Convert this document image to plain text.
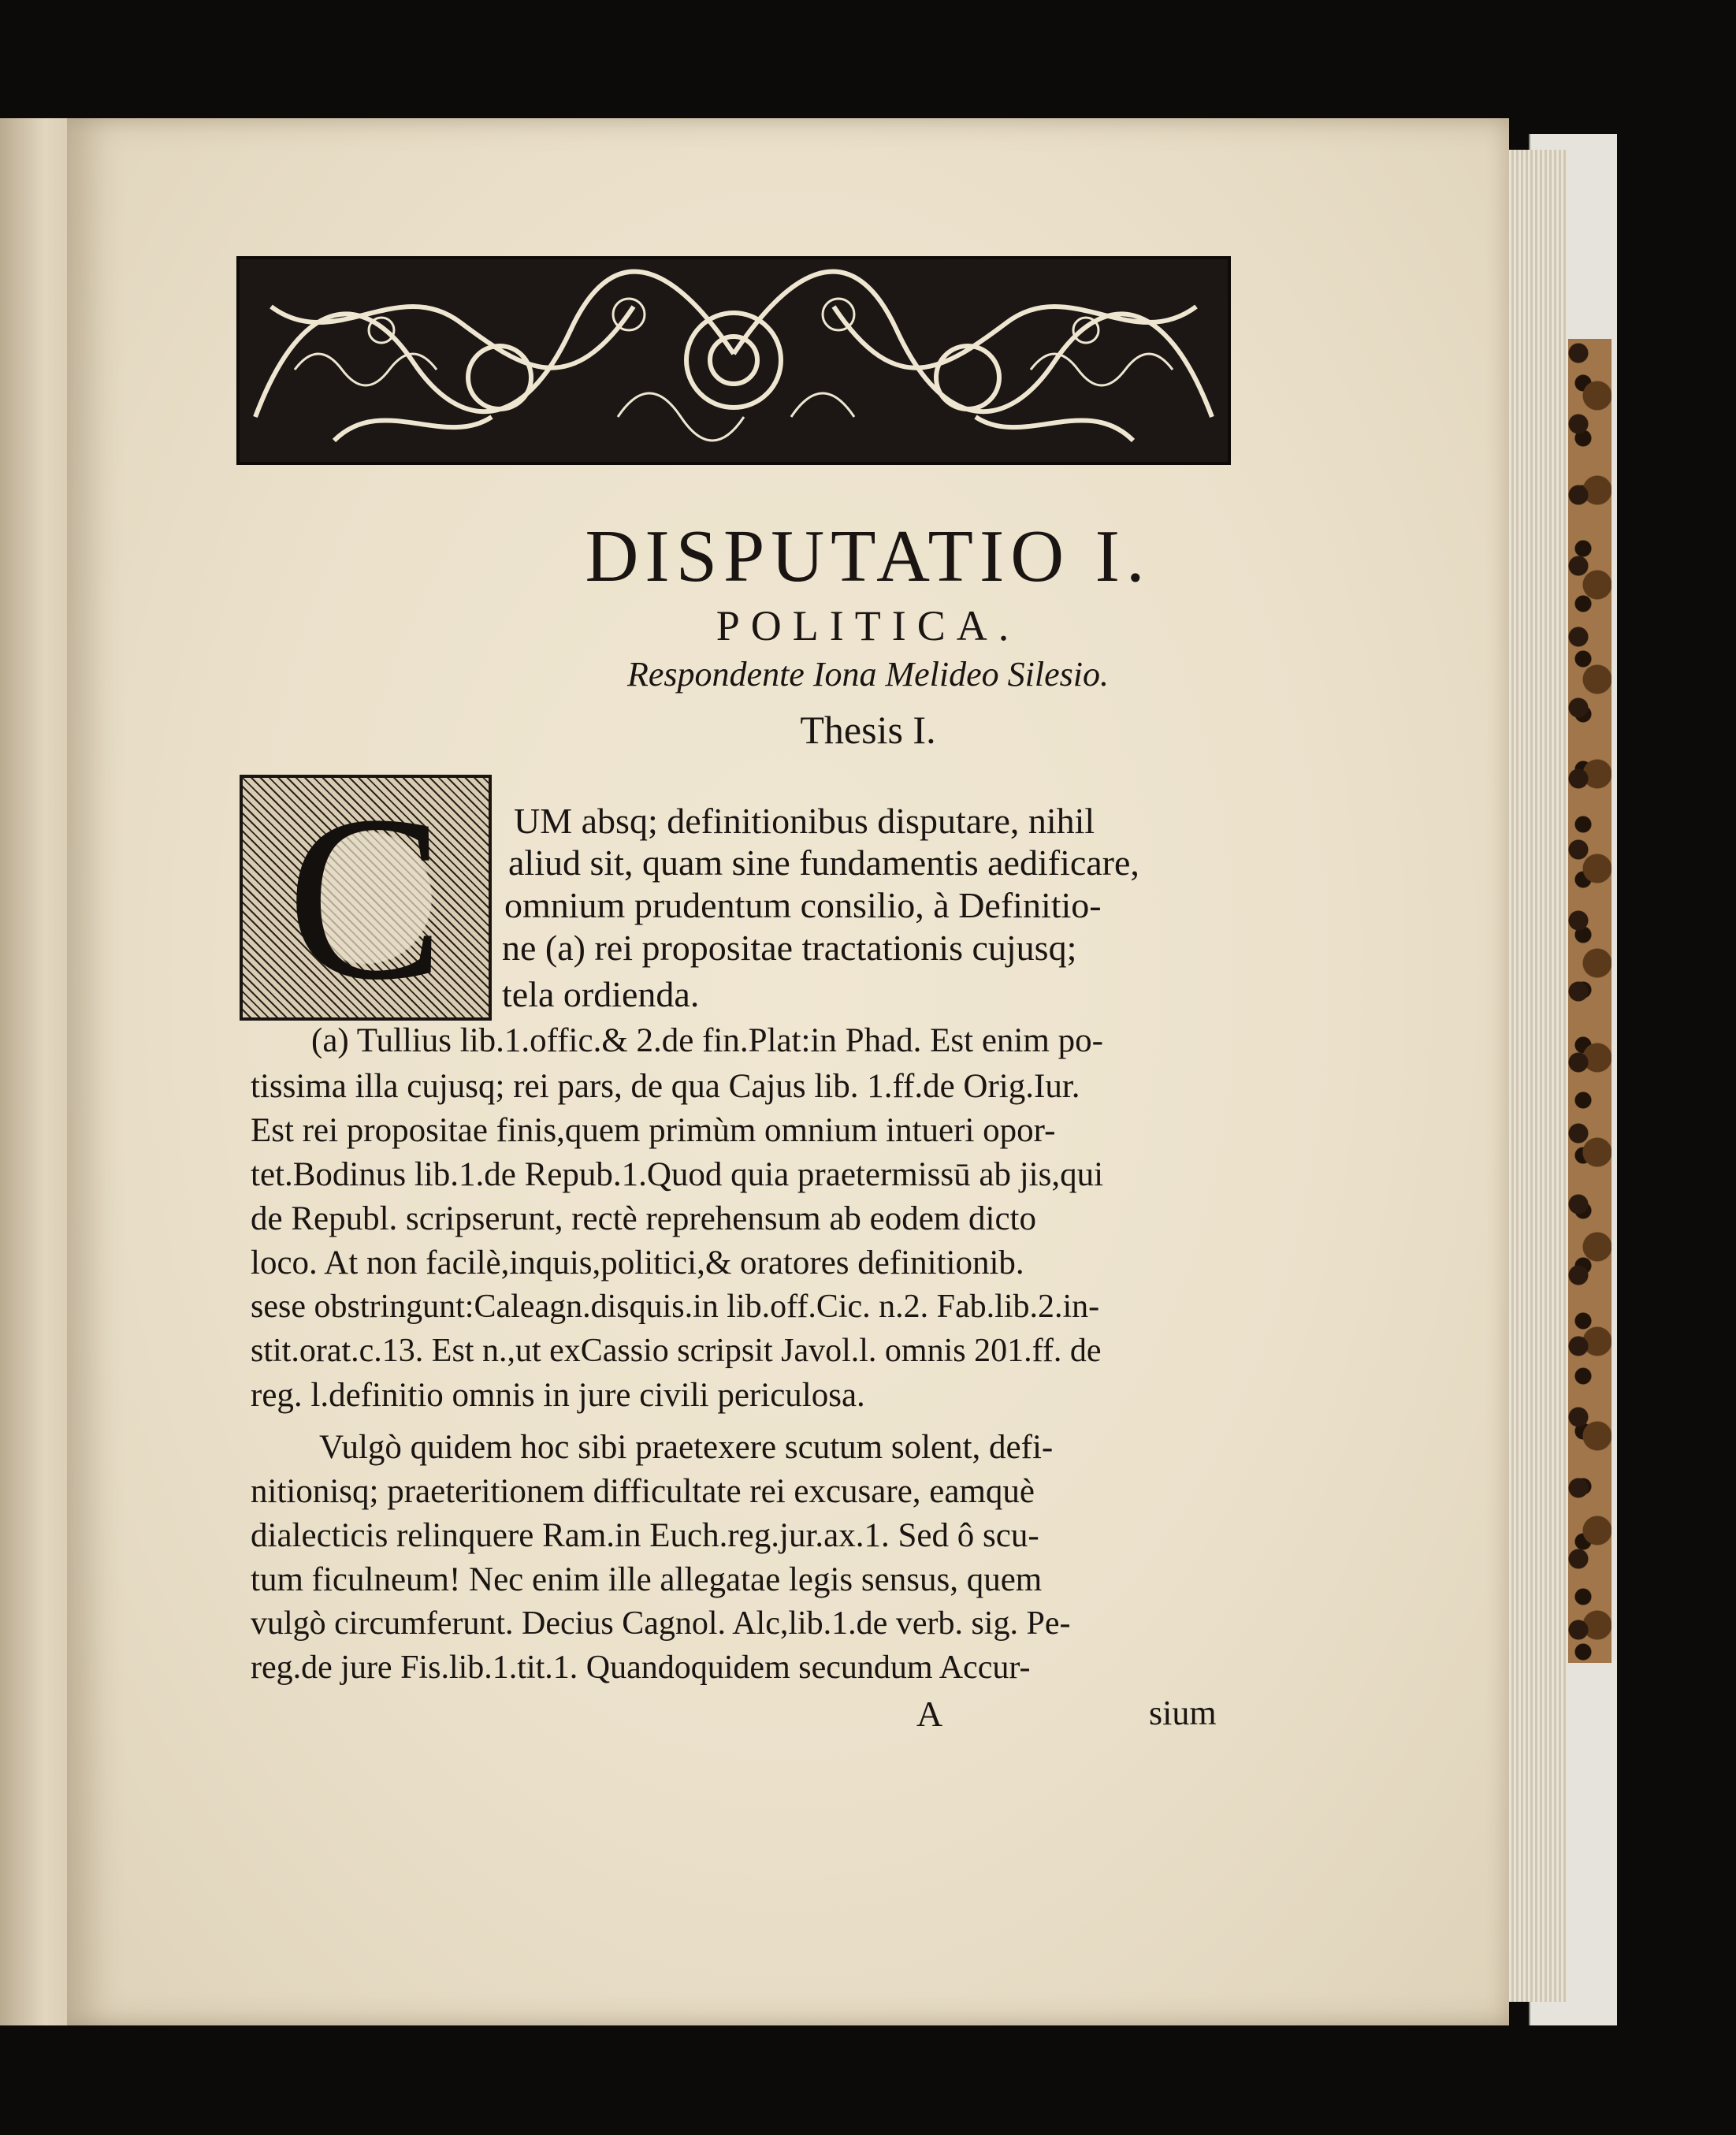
DISPUTATIO I.
POLITICA.
Respondente Iona Melideo Silesio.
Thesis I.
C	UM absq; definitionibus disputare, nihil
aliud sit, quam sine fundamentis aedificare,
omnium prudentum consilio, à Definitio-
ne (a) rei propositae tractationis cujusq;
tela ordienda.
(a) Tullius lib.1.offic.& 2.de fin.Plat:in Phad. Est enim po-
tissima illa cujusq; rei pars, de qua Cajus lib. 1.ff.de Orig.Iur.
Est rei propositae finis,quem primùm omnium intueri opor-
tet.Bodinus lib.1.de Repub.1.Quod quia praetermissū ab jis,qui
de Republ. scripserunt, rectè reprehensum ab eodem dicto
loco. At non facilè,inquis,politici,& oratores definitionib.
sese obstringunt:Caleagn.disquis.in lib.off.Cic. n.2. Fab.lib.2.in-
stit.orat.c.13. Est n.,ut exCassio scripsit Javol.l. omnis 201.ff. de
reg. l.definitio omnis in jure civili periculosa.
Vulgò quidem hoc sibi praetexere scutum solent, defi-
nitionisq; praeteritionem difficultate rei excusare, eamquè
dialecticis relinquere Ram.in Euch.reg.jur.ax.1. Sed ô scu-
tum ficulneum! Nec enim ille allegatae legis sensus, quem
vulgò circumferunt. Decius Cagnol. Alc,lib.1.de verb. sig. Pe-
reg.de jure Fis.lib.1.tit.1. Quandoquidem secundum Accur-
A	sium
